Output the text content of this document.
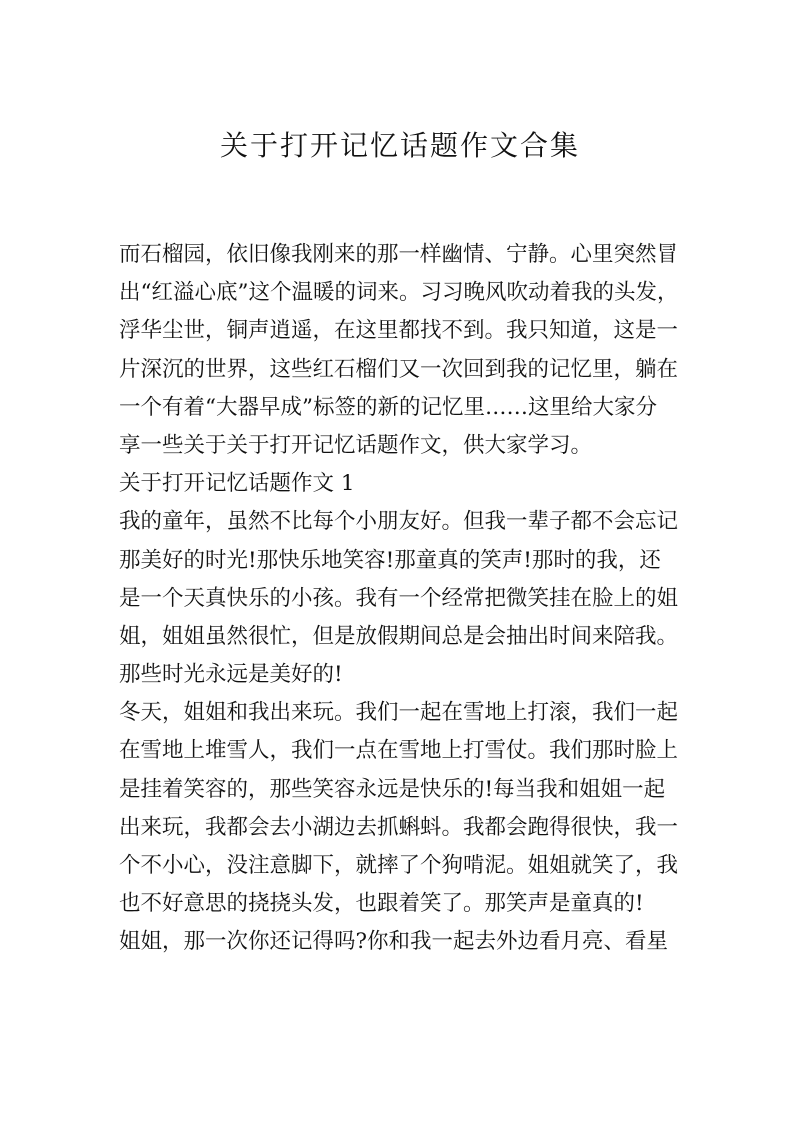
关于打开记忆话题作文合集
而石榴园，依旧像我刚来的那一样幽情、宁静。心里突然冒
出“红溢心底”这个温暖的词来。习习晚风吹动着我的头发，
浮华尘世，铜声逍遥，在这里都找不到。我只知道，这是一
片深沉的世界，这些红石榴们又一次回到我的记忆里，躺在
一个有着“大器早成”标签的新的记忆里……这里给大家分
享一些关于关于打开记忆话题作文，供大家学习。
关于打开记忆话题作文 1
我的童年，虽然不比每个小朋友好。但我一辈子都不会忘记
那美好的时光!那快乐地笑容!那童真的笑声!那时的我，还
是一个天真快乐的小孩。我有一个经常把微笑挂在脸上的姐
姐，姐姐虽然很忙，但是放假期间总是会抽出时间来陪我。
那些时光永远是美好的!
冬天，姐姐和我出来玩。我们一起在雪地上打滚，我们一起
在雪地上堆雪人，我们一点在雪地上打雪仗。我们那时脸上
是挂着笑容的，那些笑容永远是快乐的!每当我和姐姐一起
出来玩，我都会去小湖边去抓蝌蚪。我都会跑得很快，我一
个不小心，没注意脚下，就摔了个狗啃泥。姐姐就笑了，我
也不好意思的挠挠头发，也跟着笑了。那笑声是童真的!
姐姐，那一次你还记得吗?你和我一起去外边看月亮、看星
